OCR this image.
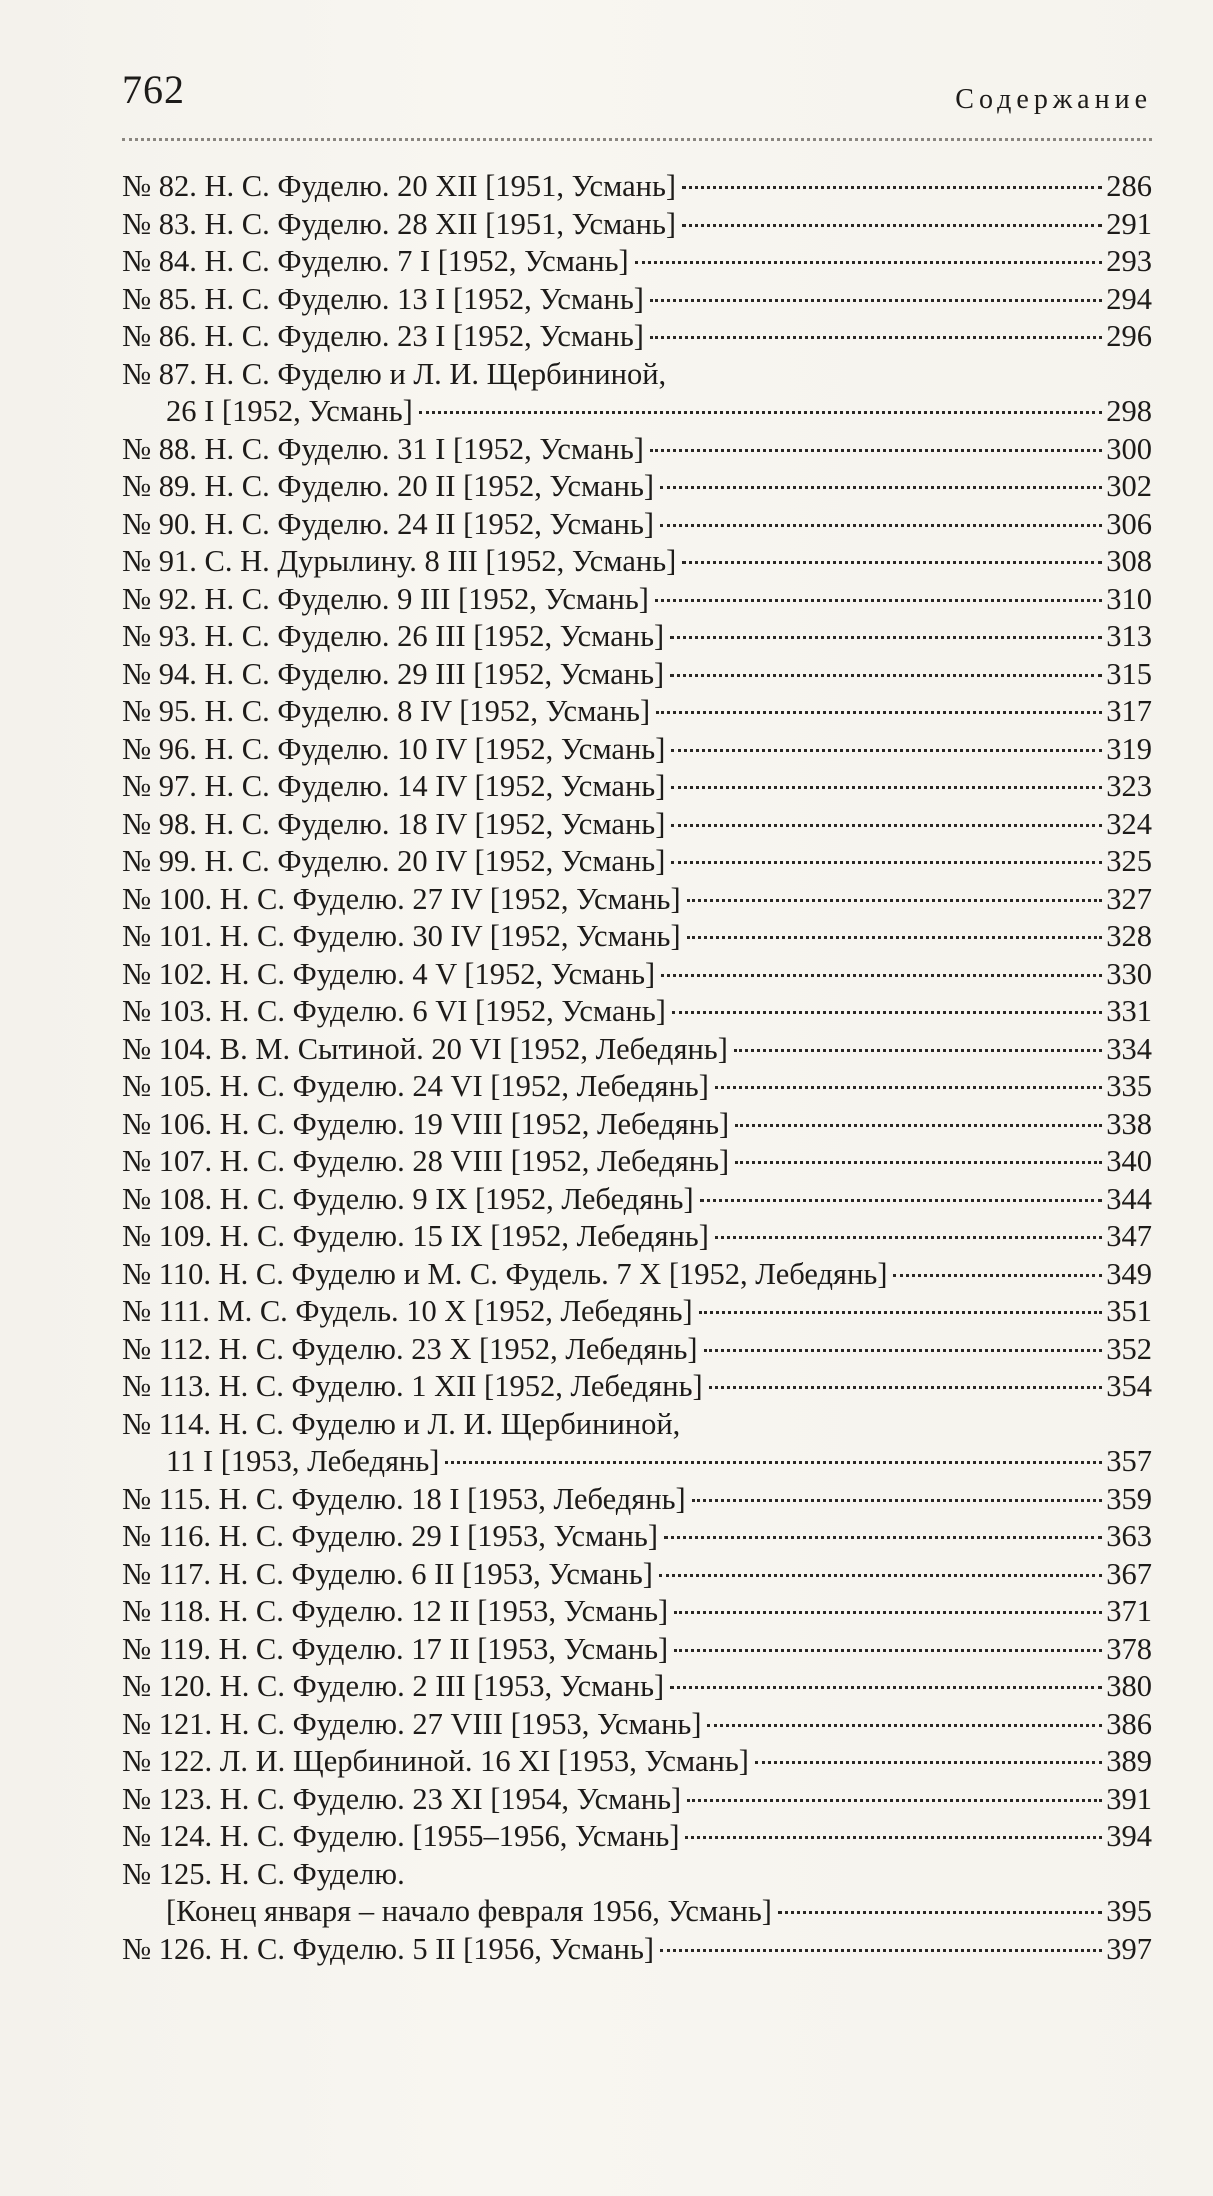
762	Содержание
№ 82. Н. С. Фуделю. 20 XII [1951, Усмань]	286
№ 83. Н. С. Фуделю. 28 XII [1951, Усмань]	291
№ 84. Н. С. Фуделю. 7 I [1952, Усмань]	293
№ 85. Н. С. Фуделю. 13 I [1952, Усмань]	294
№ 86. Н. С. Фуделю. 23 I [1952, Усмань]	296
№ 87. Н. С. Фуделю и Л. И. Щербининой,
26 I [1952, Усмань]	298
№ 88. Н. С. Фуделю. 31 I [1952, Усмань]	300
№ 89. Н. С. Фуделю. 20 II [1952, Усмань]	302
№ 90. Н. С. Фуделю. 24 II [1952, Усмань]	306
№ 91. С. Н. Дурылину. 8 III [1952, Усмань]	308
№ 92. Н. С. Фуделю. 9 III [1952, Усмань]	310
№ 93. Н. С. Фуделю. 26 III [1952, Усмань]	313
№ 94. Н. С. Фуделю. 29 III [1952, Усмань]	315
№ 95. Н. С. Фуделю. 8 IV [1952, Усмань]	317
№ 96. Н. С. Фуделю. 10 IV [1952, Усмань]	319
№ 97. Н. С. Фуделю. 14 IV [1952, Усмань]	323
№ 98. Н. С. Фуделю. 18 IV [1952, Усмань]	324
№ 99. Н. С. Фуделю. 20 IV [1952, Усмань]	325
№ 100. Н. С. Фуделю. 27 IV [1952, Усмань]	327
№ 101. Н. С. Фуделю. 30 IV [1952, Усмань]	328
№ 102. Н. С. Фуделю. 4 V [1952, Усмань]	330
№ 103. Н. С. Фуделю. 6 VI [1952, Усмань]	331
№ 104. В. М. Сытиной. 20 VI [1952, Лебедянь]	334
№ 105. Н. С. Фуделю. 24 VI [1952, Лебедянь]	335
№ 106. Н. С. Фуделю. 19 VIII [1952, Лебедянь]	338
№ 107. Н. С. Фуделю. 28 VIII [1952, Лебедянь]	340
№ 108. Н. С. Фуделю. 9 IX [1952, Лебедянь]	344
№ 109. Н. С. Фуделю. 15 IX [1952, Лебедянь]	347
№ 110. Н. С. Фуделю и М. С. Фудель. 7 X [1952, Лебедянь]	349
№ 111. М. С. Фудель. 10 X [1952, Лебедянь]	351
№ 112. Н. С. Фуделю. 23 X [1952, Лебедянь]	352
№ 113. Н. С. Фуделю. 1 XII [1952, Лебедянь]	354
№ 114. Н. С. Фуделю и Л. И. Щербининой,
11 I [1953, Лебедянь]	357
№ 115. Н. С. Фуделю. 18 I [1953, Лебедянь]	359
№ 116. Н. С. Фуделю. 29 I [1953, Усмань]	363
№ 117. Н. С. Фуделю. 6 II [1953, Усмань]	367
№ 118. Н. С. Фуделю. 12 II [1953, Усмань]	371
№ 119. Н. С. Фуделю. 17 II [1953, Усмань]	378
№ 120. Н. С. Фуделю. 2 III [1953, Усмань]	380
№ 121. Н. С. Фуделю. 27 VIII [1953, Усмань]	386
№ 122. Л. И. Щербининой. 16 XI [1953, Усмань]	389
№ 123. Н. С. Фуделю. 23 XI [1954, Усмань]	391
№ 124. Н. С. Фуделю. [1955–1956, Усмань]	394
№ 125. Н. С. Фуделю.
[Конец января – начало февраля 1956, Усмань]	395
№ 126. Н. С. Фуделю. 5 II [1956, Усмань]	397
